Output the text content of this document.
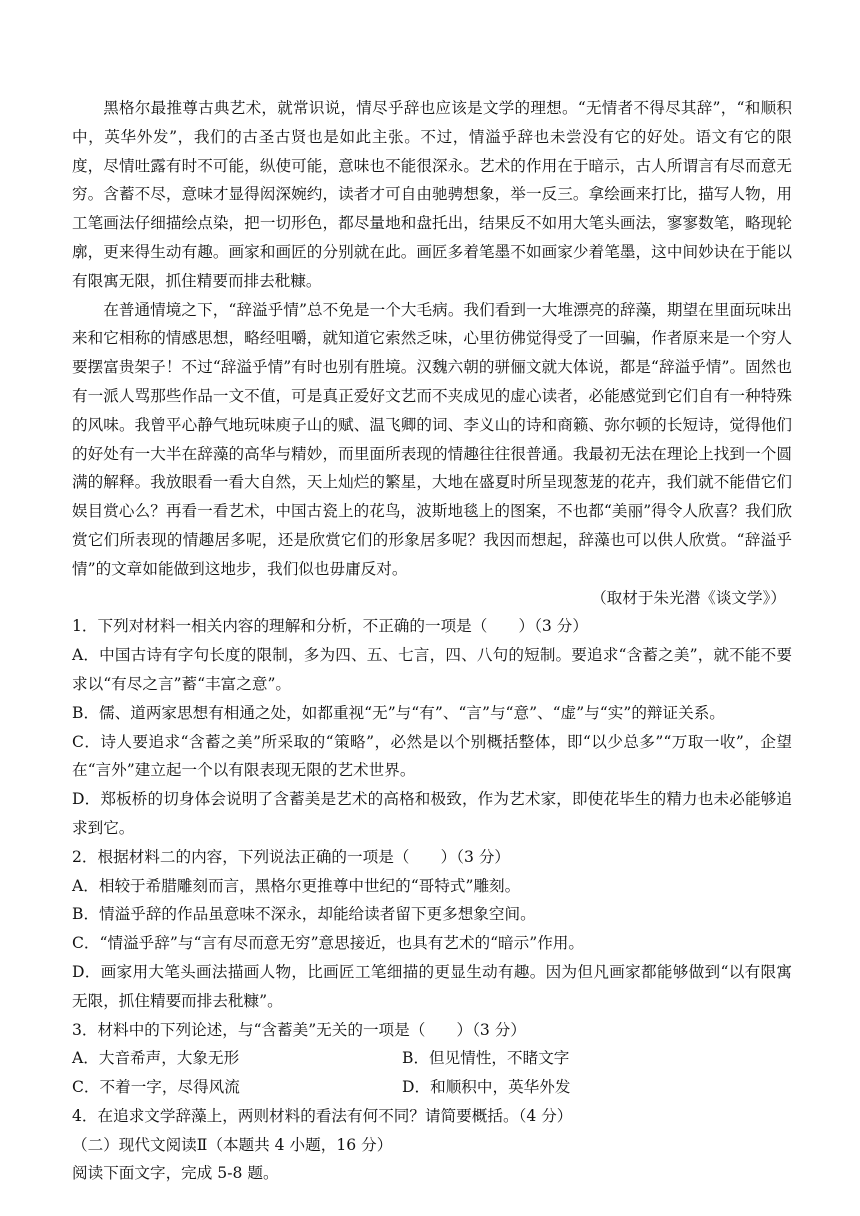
黑格尔最推尊古典艺术，就常识说，情尽乎辞也应该是文学的理想。“无情者不得尽其辞”，“和顺积中，英华外发”，我们的古圣古贤也是如此主张。不过，情溢乎辞也未尝没有它的好处。语文有它的限度，尽情吐露有时不可能，纵使可能，意味也不能很深永。艺术的作用在于暗示，古人所谓言有尽而意无穷。含蓄不尽，意味才显得闳深婉约，读者才可自由驰骋想象，举一反三。拿绘画来打比，描写人物，用工笔画法仔细描绘点染，把一切形色，都尽量地和盘托出，结果反不如用大笔头画法，寥寥数笔，略现轮廓，更来得生动有趣。画家和画匠的分别就在此。画匠多着笔墨不如画家少着笔墨，这中间妙诀在于能以有限寓无限，抓住精要而排去秕糠。

在普通情境之下，“辞溢乎情”总不免是一个大毛病。我们看到一大堆漂亮的辞藻，期望在里面玩味出来和它相称的情感思想，略经咀嚼，就知道它索然乏味，心里彷佛觉得受了一回骗，作者原来是一个穷人要摆富贵架子！不过“辞溢乎情”有时也别有胜境。汉魏六朝的骈俪文就大体说，都是“辞溢乎情”。固然也有一派人骂那些作品一文不值，可是真正爱好文艺而不夹成见的虚心读者，必能感觉到它们自有一种特殊的风味。我曾平心静气地玩味庾子山的赋、温飞卿的词、李义山的诗和商籁、弥尔顿的长短诗，觉得他们的好处有一大半在辞藻的高华与精妙，而里面所表现的情趣往往很普通。我最初无法在理论上找到一个圆满的解释。我放眼看一看大自然，天上灿烂的繁星，大地在盛夏时所呈现葱茏的花卉，我们就不能借它们娱目赏心么？再看一看艺术，中国古瓷上的花鸟，波斯地毯上的图案，不也都“美丽”得令人欣喜？我们欣赏它们所表现的情趣居多呢，还是欣赏它们的形象居多呢？我因而想起，辞藻也可以供人欣赏。“辞溢乎情”的文章如能做到这地步，我们似也毋庸反对。

（取材于朱光潜《谈文学》）

1．下列对材料一相关内容的理解和分析，不正确的一项是（　　）（3 分）

A．中国古诗有字句长度的限制，多为四、五、七言，四、八句的短制。要追求“含蓄之美”，就不能不要求以“有尽之言”蓄“丰富之意”。

B．儒、道两家思想有相通之处，如都重视“无”与“有”、“言”与“意”、“虚”与“实”的辩证关系。

C．诗人要追求“含蓄之美”所采取的“策略”，必然是以个别概括整体，即“以少总多”“万取一收”，企望在“言外”建立起一个以有限表现无限的艺术世界。

D．郑板桥的切身体会说明了含蓄美是艺术的高格和极致，作为艺术家，即使花毕生的精力也未必能够追求到它。

2．根据材料二的内容，下列说法正确的一项是（　　）（3 分）

A．相较于希腊雕刻而言，黑格尔更推尊中世纪的“哥特式”雕刻。

B．情溢乎辞的作品虽意味不深永，却能给读者留下更多想象空间。

C．“情溢乎辞”与“言有尽而意无穷”意思接近，也具有艺术的“暗示”作用。

D．画家用大笔头画法描画人物，比画匠工笔细描的更显生动有趣。因为但凡画家都能够做到“以有限寓无限，抓住精要而排去秕糠”。

3．材料中的下列论述，与“含蓄美”无关的一项是（　　）（3 分）

A．大音希声，大象无形	B．但见情性，不睹文字
C．不着一字，尽得风流	D．和顺积中，英华外发

4．在追求文学辞藻上，两则材料的看法有何不同？请简要概括。（4 分）

（二）现代文阅读Ⅱ（本题共 4 小题，16 分）

阅读下面文字，完成 5-8 题。
